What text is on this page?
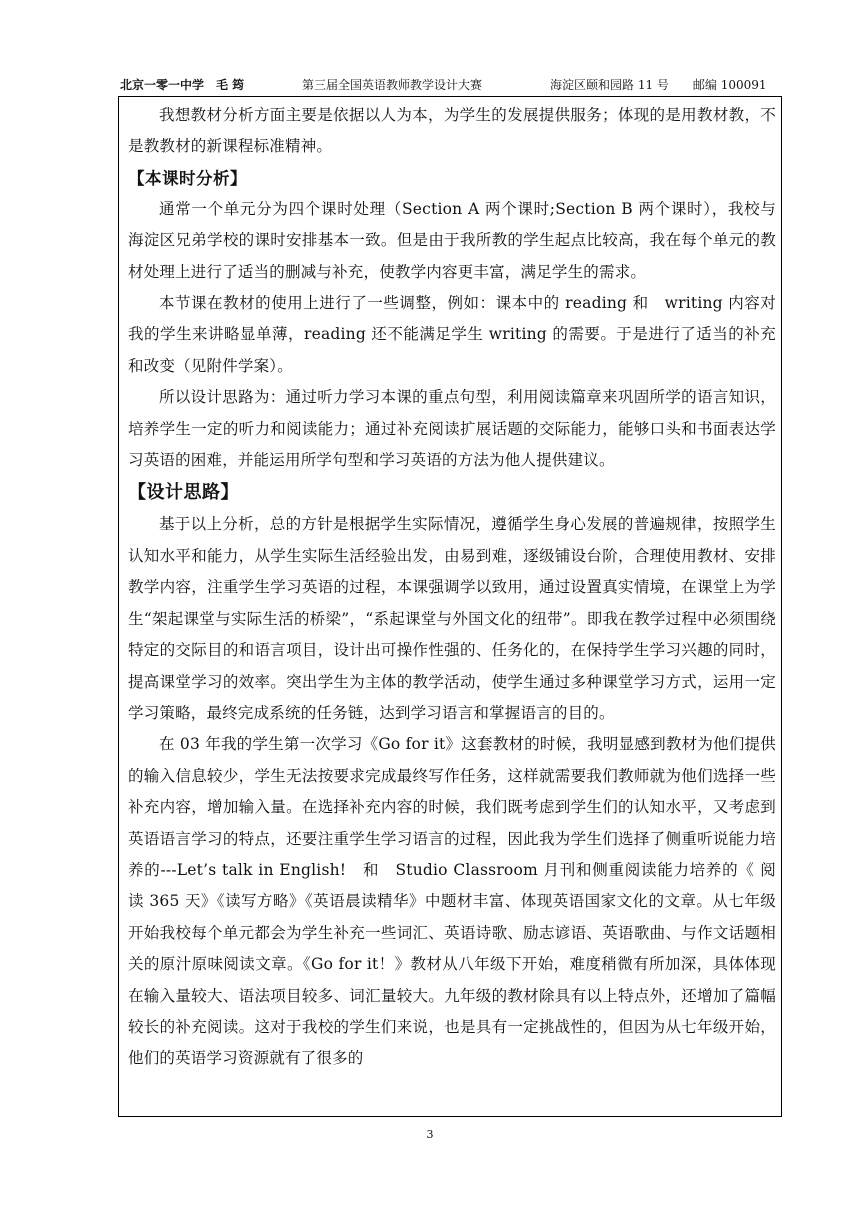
北京一零一中学　毛 筠	第三届全国英语教师教学设计大赛	海淀区颐和园路 11 号　　邮编 100091

我想教材分析方面主要是依据以人为本，为学生的发展提供服务；体现的是用教材教，不是教教材的新课程标准精神。

【本课时分析】

通常一个单元分为四个课时处理（Section A 两个课时;Section B 两个课时），我校与海淀区兄弟学校的课时安排基本一致。但是由于我所教的学生起点比较高，我在每个单元的教材处理上进行了适当的删减与补充，使教学内容更丰富，满足学生的需求。

本节课在教材的使用上进行了一些调整，例如：课本中的 reading 和　writing 内容对我的学生来讲略显单薄，reading 还不能满足学生 writing 的需要。于是进行了适当的补充和改变（见附件学案）。

所以设计思路为：通过听力学习本课的重点句型，利用阅读篇章来巩固所学的语言知识，培养学生一定的听力和阅读能力；通过补充阅读扩展话题的交际能力，能够口头和书面表达学习英语的困难，并能运用所学句型和学习英语的方法为他人提供建议。

【设计思路】

基于以上分析，总的方针是根据学生实际情况，遵循学生身心发展的普遍规律，按照学生认知水平和能力，从学生实际生活经验出发，由易到难，逐级铺设台阶，合理使用教材、安排教学内容，注重学生学习英语的过程，本课强调学以致用，通过设置真实情境，在课堂上为学生“架起课堂与实际生活的桥梁”，“系起课堂与外国文化的纽带”。即我在教学过程中必须围绕特定的交际目的和语言项目，设计出可操作性强的、任务化的，在保持学生学习兴趣的同时，提高课堂学习的效率。突出学生为主体的教学活动，使学生通过多种课堂学习方式，运用一定学习策略，最终完成系统的任务链，达到学习语言和掌握语言的目的。

在 03 年我的学生第一次学习《Go for it》这套教材的时候，我明显感到教材为他们提供的输入信息较少，学生无法按要求完成最终写作任务，这样就需要我们教师就为他们选择一些补充内容，增加输入量。在选择补充内容的时候，我们既考虑到学生们的认知水平，又考虑到英语语言学习的特点，还要注重学生学习语言的过程，因此我为学生们选择了侧重听说能力培养的---Let’s talk in English!　和　Studio Classroom 月刊和侧重阅读能力培养的《 阅读 365 天》《读写方略》《英语晨读精华》中题材丰富、体现英语国家文化的文章。从七年级开始我校每个单元都会为学生补充一些词汇、英语诗歌、励志谚语、英语歌曲、与作文话题相关的原汁原味阅读文章。《Go for it！》教材从八年级下开始，难度稍微有所加深，具体体现在输入量较大、语法项目较多、词汇量较大。九年级的教材除具有以上特点外，还增加了篇幅较长的补充阅读。这对于我校的学生们来说，也是具有一定挑战性的，但因为从七年级开始，他们的英语学习资源就有了很多的

3
